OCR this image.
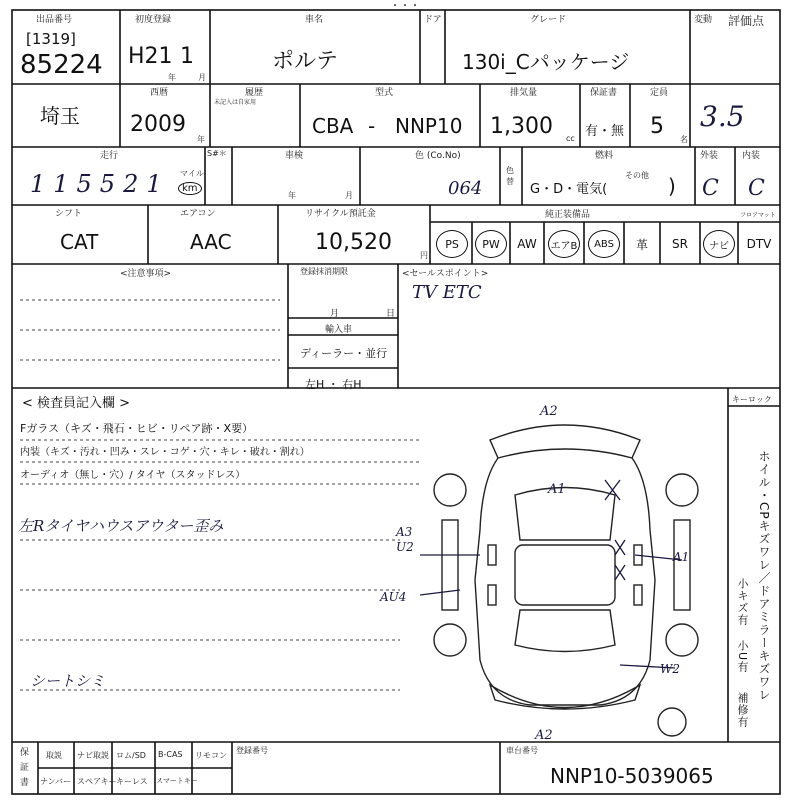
・・・
出品番号
[1319]
85224
初度登録
H21 1
年	月
車名
ポルテ
ドア	グレード
130i_Cパッケージ
変動 評価点
埼玉
西暦
2009
年
履歴
未記入は自家用
型式
CBA - NNP10
排気量
1,300 cc
保証書
有・無
定員
5
名
3.5
走行
115521 マイル
km
S#＊	車検
年	月
色 (Co.No)
064
色替
燃料
G・D・電気(
その他 )
外装	内装
C C
シフト
CAT
エアコン
AAC
リサイクル預託金
10,520
円
純正装備品	フロアマット
PS	PW	AW エアB	ABS	革 SR	ナビ	DTV
<注意事項>	登録抹消期限
月	日
輸入車
ディーラー・並行
左H ・ 右H
<セールスポイント>
TV ETC
< 検査員記入欄 >
Fガラス（キズ・飛石・ヒビ・リペア跡・X要）
内装（キズ・汚れ・凹み・スレ・コゲ・穴・キレ・破れ・割れ）
オーディオ（無し・穴）/ タイヤ（スタッドレス）
左Rタイヤハウスアウター歪み
シートシミ
キーロック
A2
A1
A3
U2
AU4
A1
W2
A2
ホイル・CPキズワレ／ドアミラーキズワレ
小キズ有
小U有
補修有
保
証
書
取説 ナビ取説 ロム/SD B-CAS リモコン
ナンバー スペアキー キーレス スマートキー
登録番号	車台番号
NNP10-5039065
